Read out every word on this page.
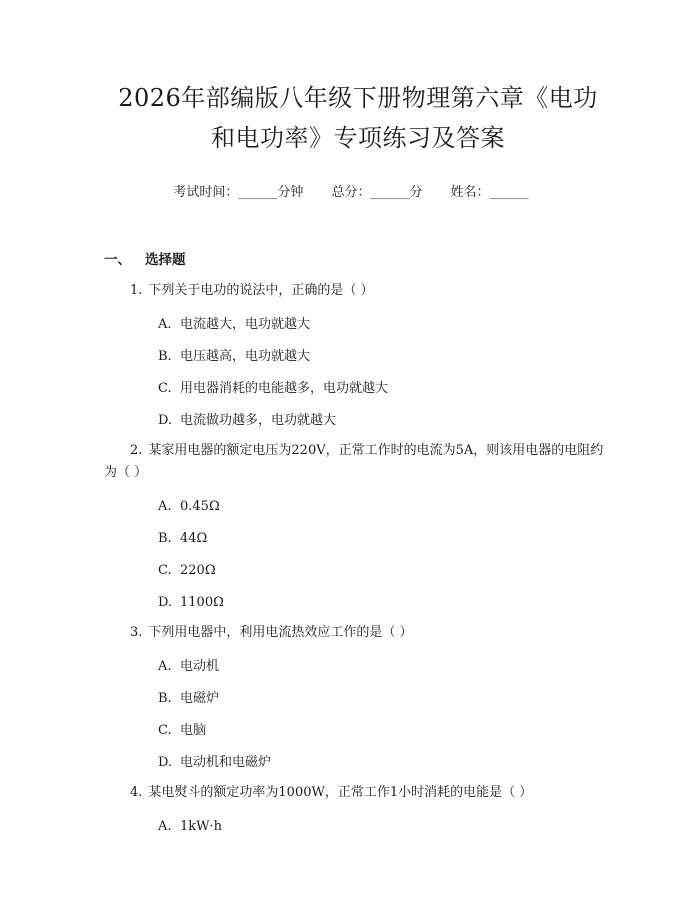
2026年部编版八年级下册物理第六章《电功
和电功率》专项练习及答案
考试时间：______分钟 总分：______分 姓名：______
一、 选择题
1. 下列关于电功的说法中，正确的是（ ）
A. 电流越大，电功就越大
B. 电压越高，电功就越大
C. 用电器消耗的电能越多，电功就越大
D. 电流做功越多，电功就越大
2. 某家用电器的额定电压为220V，正常工作时的电流为5A，则该用电器的电阻约为（ ）
A. 0.45Ω
B. 44Ω
C. 220Ω
D. 1100Ω
3. 下列用电器中，利用电流热效应工作的是（ ）
A. 电动机
B. 电磁炉
C. 电脑
D. 电动机和电磁炉
4. 某电熨斗的额定功率为1000W，正常工作1小时消耗的电能是（ ）
A. 1kW·h
